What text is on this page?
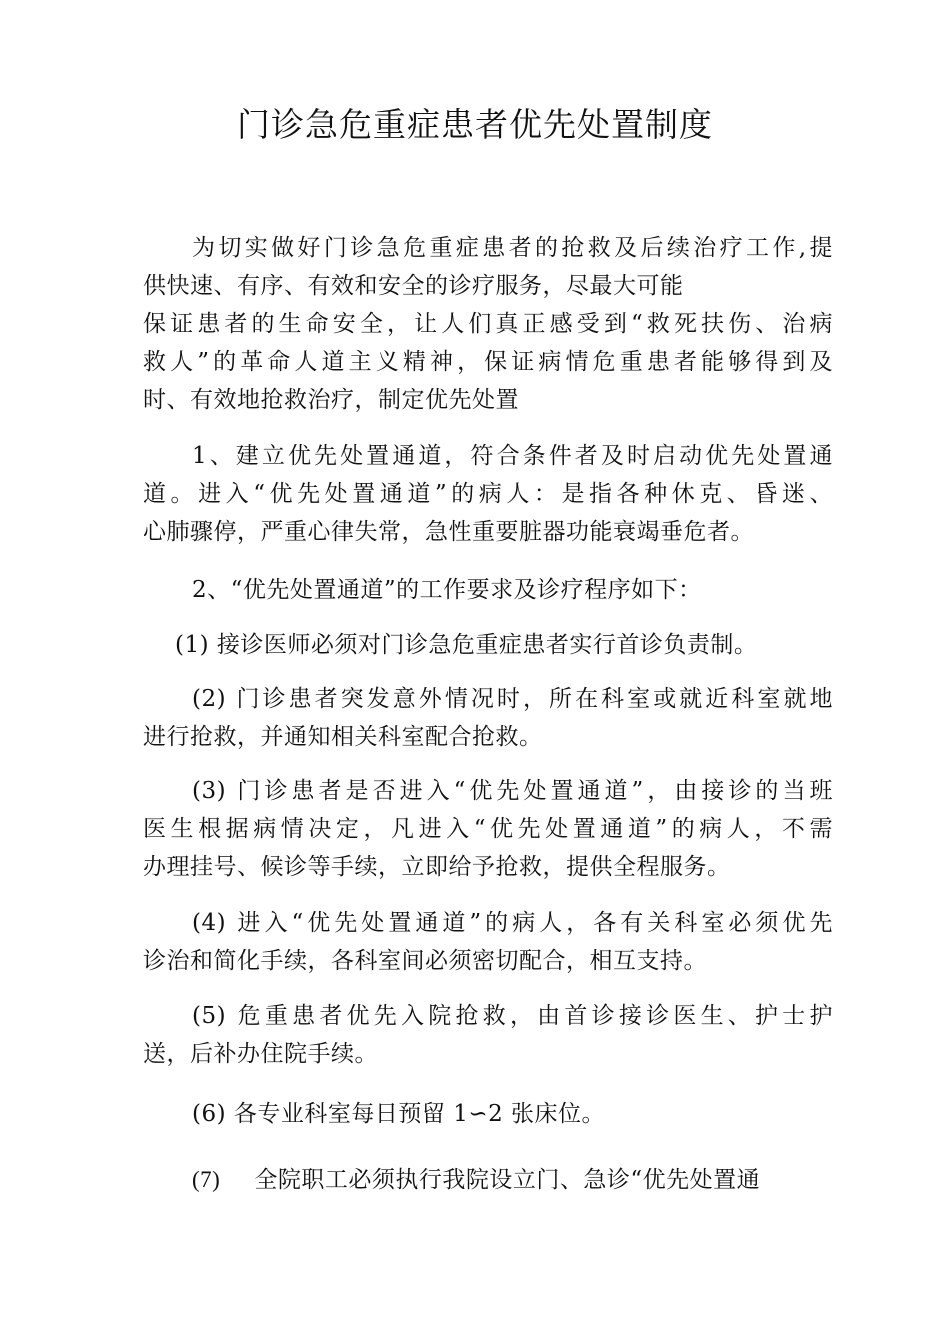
门诊急危重症患者优先处置制度

为切实做好门诊急危重症患者的抢救及后续治疗工作,提
供快速、有序、有效和安全的诊疗服务，尽最大可能
保证患者的生命安全，让人们真正感受到“救死扶伤、治病
救人”的革命人道主义精神，保证病情危重患者能够得到及
时、有效地抢救治疗，制定优先处置

1、建立优先处置通道，符合条件者及时启动优先处置通
道。进入“优先处置通道”的病人：是指各种休克、昏迷、
心肺骤停，严重心律失常，急性重要脏器功能衰竭垂危者。

2、“优先处置通道”的工作要求及诊疗程序如下：

(1) 接诊医师必须对门诊急危重症患者实行首诊负责制。

(2) 门诊患者突发意外情况时，所在科室或就近科室就地
进行抢救，并通知相关科室配合抢救。

(3) 门诊患者是否进入“优先处置通道”，由接诊的当班
医生根据病情决定，凡进入“优先处置通道”的病人，不需
办理挂号、候诊等手续，立即给予抢救，提供全程服务。

(4) 进入“优先处置通道”的病人，各有关科室必须优先
诊治和简化手续，各科室间必须密切配合，相互支持。

(5) 危重患者优先入院抢救，由首诊接诊医生、护士护
送，后补办住院手续。

(6) 各专业科室每日预留 1∽2 张床位。

(7) 全院职工必须执行我院设立门、急诊“优先处置通
